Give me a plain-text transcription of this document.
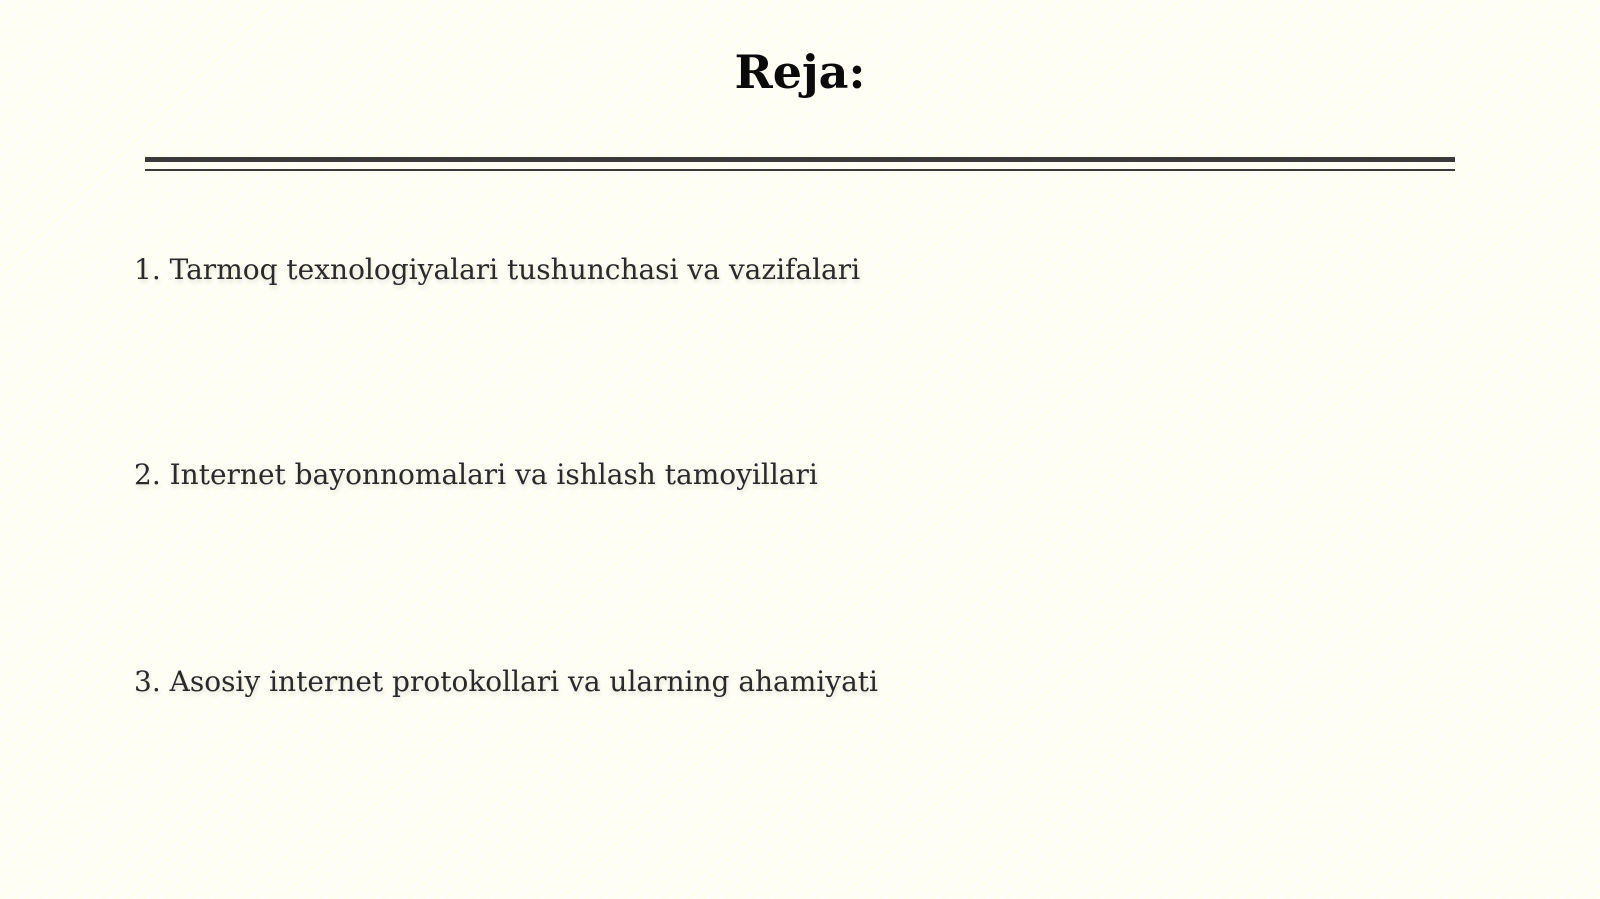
Reja:
1. Tarmoq texnologiyalari tushunchasi va vazifalari
2. Internet bayonnomalari va ishlash tamoyillari
3. Asosiy internet protokollari va ularning ahamiyati
